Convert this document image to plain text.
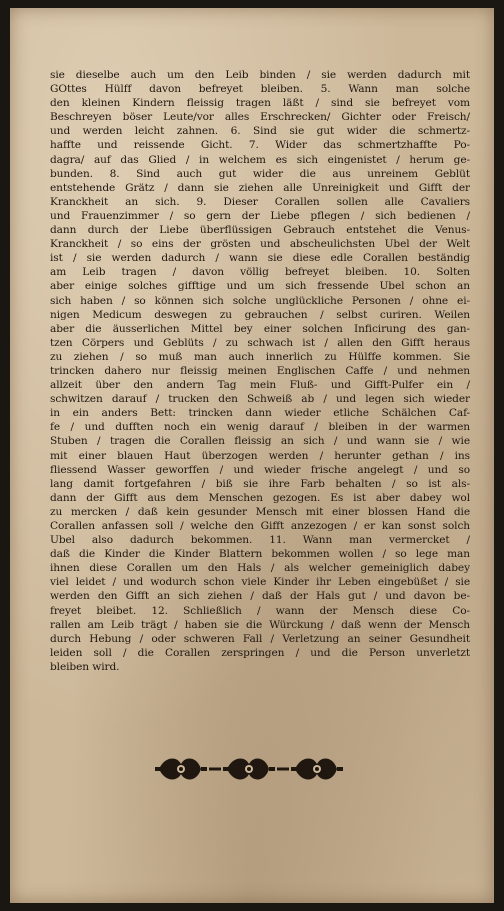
sie dieselbe auch um den Leib binden / sie werden dadurch mit
GOttes Hülff davon befreyet bleiben. 5. Wann man solche
den kleinen Kindern fleissig tragen läßt / sind sie befreyet vom
Beschreyen böser Leute/vor alles Erschrecken/ Gichter oder Freisch/
und werden leicht zahnen. 6. Sind sie gut wider die schmertz-
haffte und reissende Gicht. 7. Wider das schmertzhaffte Po-
dagra/ auf das Glied / in welchem es sich eingenistet / herum ge-
bunden. 8. Sind auch gut wider die aus unreinem Geblüt
entstehende Grätz / dann sie ziehen alle Unreinigkeit und Gifft der
Kranckheit an sich. 9. Dieser Corallen sollen alle Cavaliers
und Frauenzimmer / so gern der Liebe pflegen / sich bedienen /
dann durch der Liebe überflüssigen Gebrauch entstehet die Venus-
Kranckheit / so eins der grösten und abscheulichsten Ubel der Welt
ist / sie werden dadurch / wann sie diese edle Corallen beständig
am Leib tragen / davon völlig befreyet bleiben. 10. Solten
aber einige solches gifftige und um sich fressende Ubel schon an
sich haben / so können sich solche unglückliche Personen / ohne ei-
nigen Medicum deswegen zu gebrauchen / selbst curiren. Weilen
aber die äusserlichen Mittel bey einer solchen Inficirung des gan-
tzen Cörpers und Geblüts / zu schwach ist / allen den Gifft heraus
zu ziehen / so muß man auch innerlich zu Hülffe kommen. Sie
trincken dahero nur fleissig meinen Englischen Caffe / und nehmen
allzeit über den andern Tag mein Fluß- und Gifft-Pulfer ein /
schwitzen darauf / trucken den Schweiß ab / und legen sich wieder
in ein anders Bett: trincken dann wieder etliche Schälchen Caf-
fe / und dufften noch ein wenig darauf / bleiben in der warmen
Stuben / tragen die Corallen fleissig an sich / und wann sie / wie
mit einer blauen Haut überzogen werden / herunter gethan / ins
fliessend Wasser geworffen / und wieder frische angelegt / und so
lang damit fortgefahren / biß sie ihre Farb behalten / so ist als-
dann der Gifft aus dem Menschen gezogen. Es ist aber dabey wol
zu mercken / daß kein gesunder Mensch mit einer blossen Hand die
Corallen anfassen soll / welche den Gifft anzezogen / er kan sonst solch
Ubel also dadurch bekommen. 11. Wann man vermercket /
daß die Kinder die Kinder Blattern bekommen wollen / so lege man
ihnen diese Corallen um den Hals / als welcher gemeiniglich dabey
viel leidet / und wodurch schon viele Kinder ihr Leben eingebüßet / sie
werden den Gifft an sich ziehen / daß der Hals gut / und davon be-
freyet bleibet. 12. Schließlich / wann der Mensch diese Co-
rallen am Leib trägt / haben sie die Würckung / daß wenn der Mensch
durch Hebung / oder schweren Fall / Verletzung an seiner Gesundheit
leiden soll / die Corallen zerspringen / und die Person unverletzt
bleiben wird.
